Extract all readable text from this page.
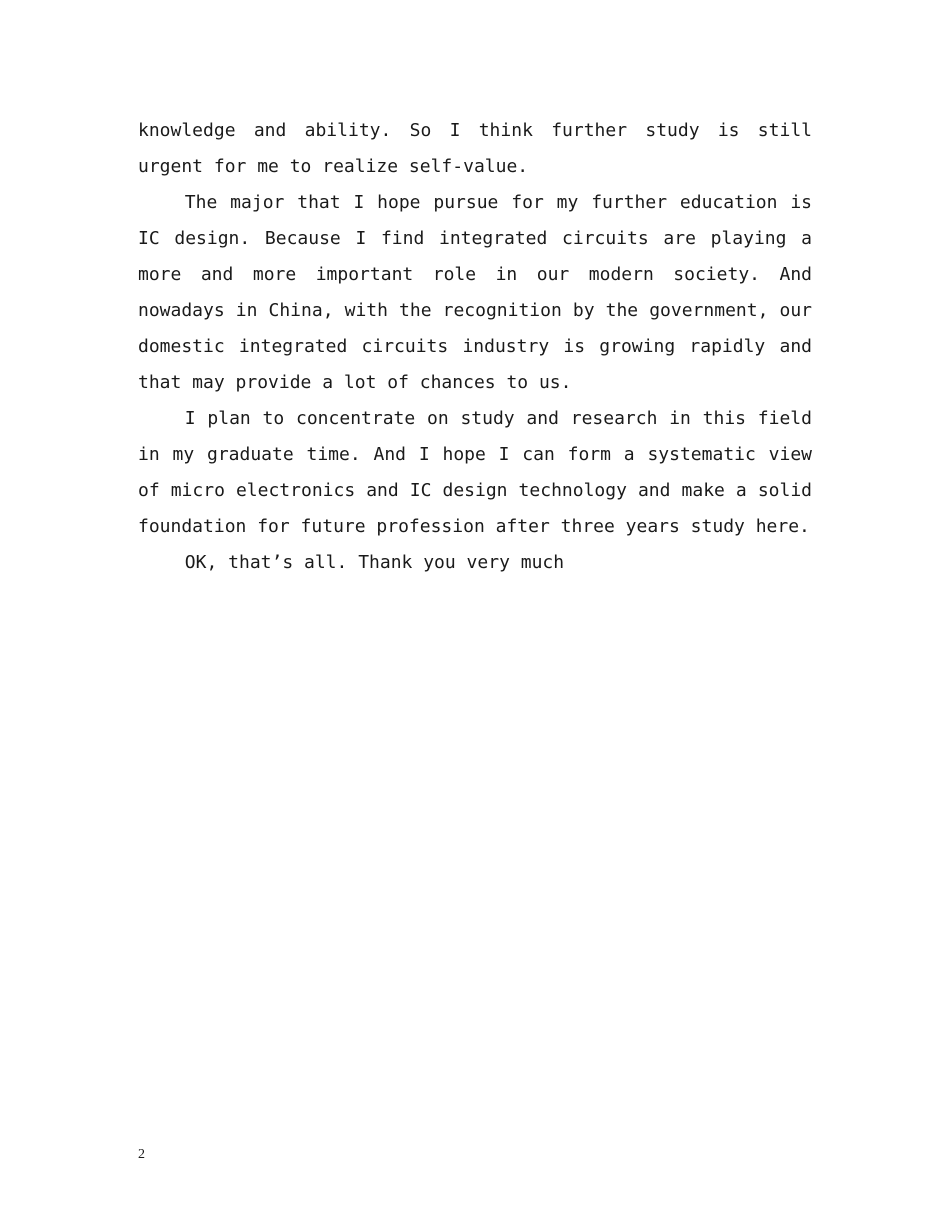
knowledge and ability. So I think further study is still urgent for me to realize self-value.

The major that I hope pursue for my further education is IC design. Because I find integrated circuits are playing a more and more important role in our modern society. And nowadays in China, with the recognition by the government, our domestic integrated circuits industry is growing rapidly and that may provide a lot of chances to us.

I plan to concentrate on study and research in this field in my graduate time. And I hope I can form a systematic view of micro electronics and IC design technology and make a solid foundation for future profession after three years study here.

OK, that’s all. Thank you very much

2
